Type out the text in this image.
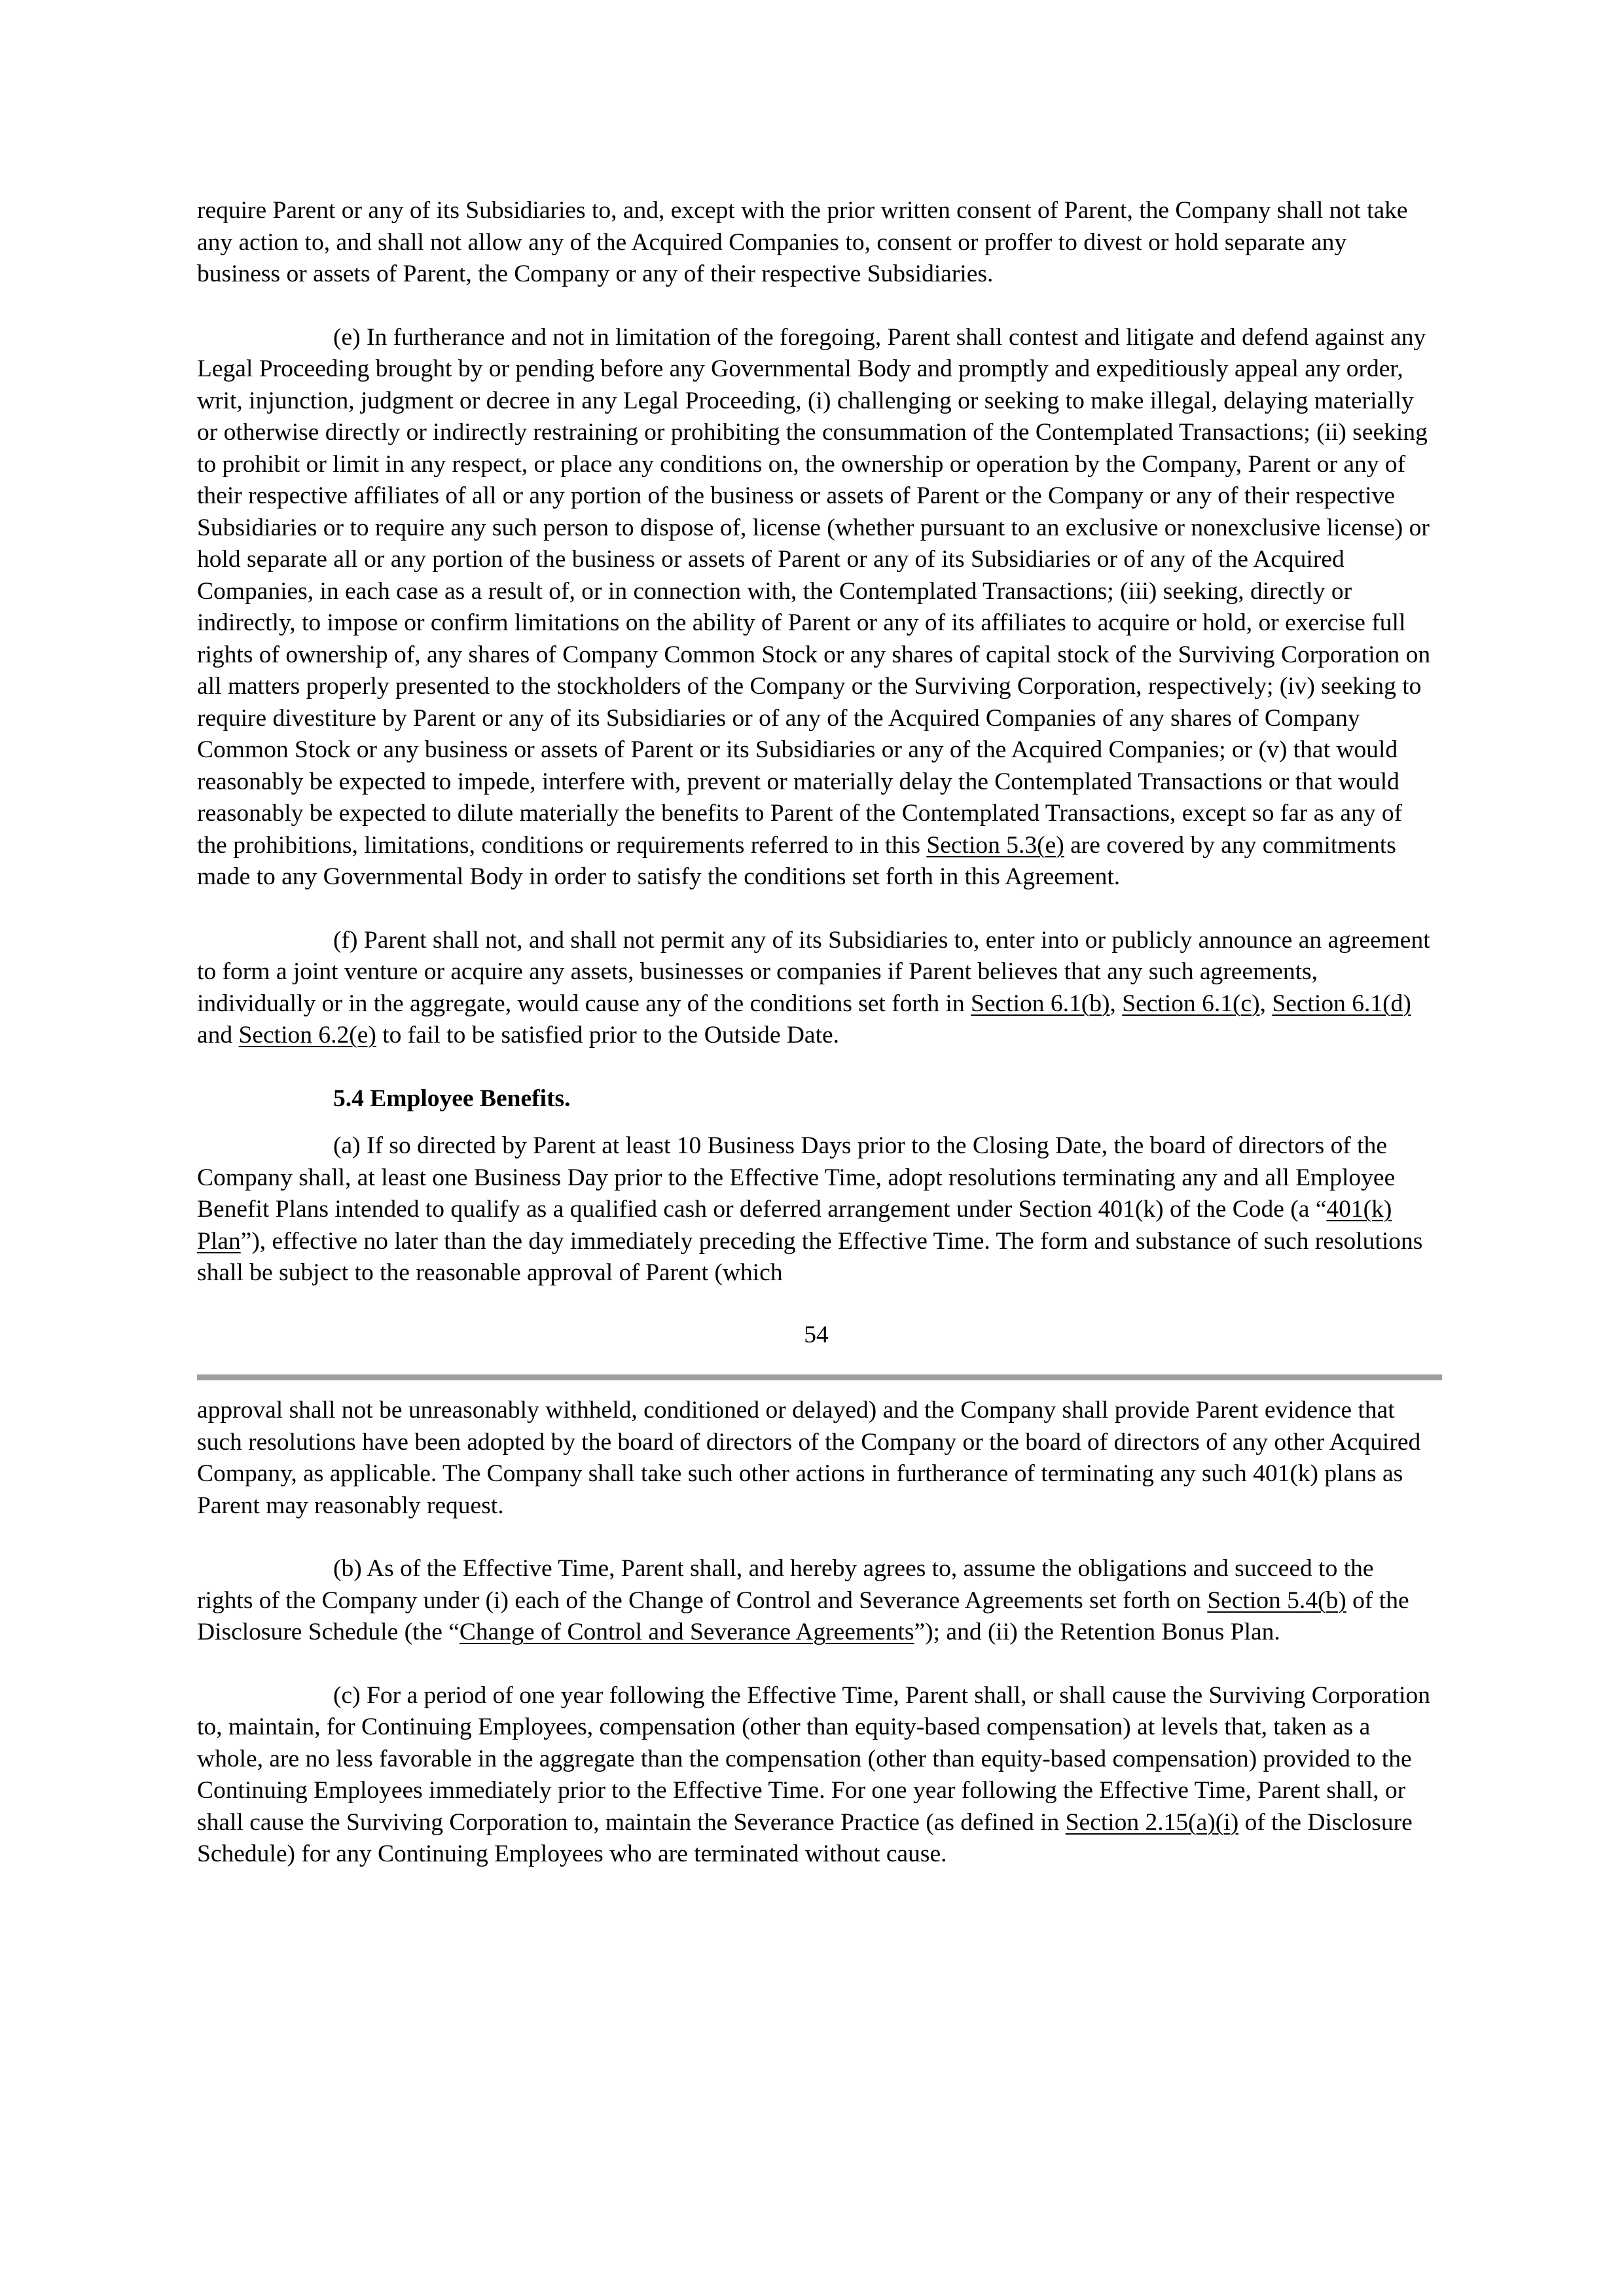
require Parent or any of its Subsidiaries to, and, except with the prior written consent of Parent, the Company shall not take any action to, and shall not allow any of the Acquired Companies to, consent or proffer to divest or hold separate any business or assets of Parent, the Company or any of their respective Subsidiaries.

(e) In furtherance and not in limitation of the foregoing, Parent shall contest and litigate and defend against any Legal Proceeding brought by or pending before any Governmental Body and promptly and expeditiously appeal any order, writ, injunction, judgment or decree in any Legal Proceeding, (i) challenging or seeking to make illegal, delaying materially or otherwise directly or indirectly restraining or prohibiting the consummation of the Contemplated Transactions; (ii) seeking to prohibit or limit in any respect, or place any conditions on, the ownership or operation by the Company, Parent or any of their respective affiliates of all or any portion of the business or assets of Parent or the Company or any of their respective Subsidiaries or to require any such person to dispose of, license (whether pursuant to an exclusive or nonexclusive license) or hold separate all or any portion of the business or assets of Parent or any of its Subsidiaries or of any of the Acquired Companies, in each case as a result of, or in connection with, the Contemplated Transactions; (iii) seeking, directly or indirectly, to impose or confirm limitations on the ability of Parent or any of its affiliates to acquire or hold, or exercise full rights of ownership of, any shares of Company Common Stock or any shares of capital stock of the Surviving Corporation on all matters properly presented to the stockholders of the Company or the Surviving Corporation, respectively; (iv) seeking to require divestiture by Parent or any of its Subsidiaries or of any of the Acquired Companies of any shares of Company Common Stock or any business or assets of Parent or its Subsidiaries or any of the Acquired Companies; or (v) that would reasonably be expected to impede, interfere with, prevent or materially delay the Contemplated Transactions or that would reasonably be expected to dilute materially the benefits to Parent of the Contemplated Transactions, except so far as any of the prohibitions, limitations, conditions or requirements referred to in this Section 5.3(e) are covered by any commitments made to any Governmental Body in order to satisfy the conditions set forth in this Agreement.

(f) Parent shall not, and shall not permit any of its Subsidiaries to, enter into or publicly announce an agreement to form a joint venture or acquire any assets, businesses or companies if Parent believes that any such agreements, individually or in the aggregate, would cause any of the conditions set forth in Section 6.1(b), Section 6.1(c), Section 6.1(d) and Section 6.2(e) to fail to be satisfied prior to the Outside Date.

5.4 Employee Benefits.

(a) If so directed by Parent at least 10 Business Days prior to the Closing Date, the board of directors of the Company shall, at least one Business Day prior to the Effective Time, adopt resolutions terminating any and all Employee Benefit Plans intended to qualify as a qualified cash or deferred arrangement under Section 401(k) of the Code (a “401(k) Plan”), effective no later than the day immediately preceding the Effective Time. The form and substance of such resolutions shall be subject to the reasonable approval of Parent (which

54

approval shall not be unreasonably withheld, conditioned or delayed) and the Company shall provide Parent evidence that such resolutions have been adopted by the board of directors of the Company or the board of directors of any other Acquired Company, as applicable. The Company shall take such other actions in furtherance of terminating any such 401(k) plans as Parent may reasonably request.

(b) As of the Effective Time, Parent shall, and hereby agrees to, assume the obligations and succeed to the rights of the Company under (i) each of the Change of Control and Severance Agreements set forth on Section 5.4(b) of the Disclosure Schedule (the “Change of Control and Severance Agreements”); and (ii) the Retention Bonus Plan.

(c) For a period of one year following the Effective Time, Parent shall, or shall cause the Surviving Corporation to, maintain, for Continuing Employees, compensation (other than equity-based compensation) at levels that, taken as a whole, are no less favorable in the aggregate than the compensation (other than equity-based compensation) provided to the Continuing Employees immediately prior to the Effective Time. For one year following the Effective Time, Parent shall, or shall cause the Surviving Corporation to, maintain the Severance Practice (as defined in Section 2.15(a)(i) of the Disclosure Schedule) for any Continuing Employees who are terminated without cause.
